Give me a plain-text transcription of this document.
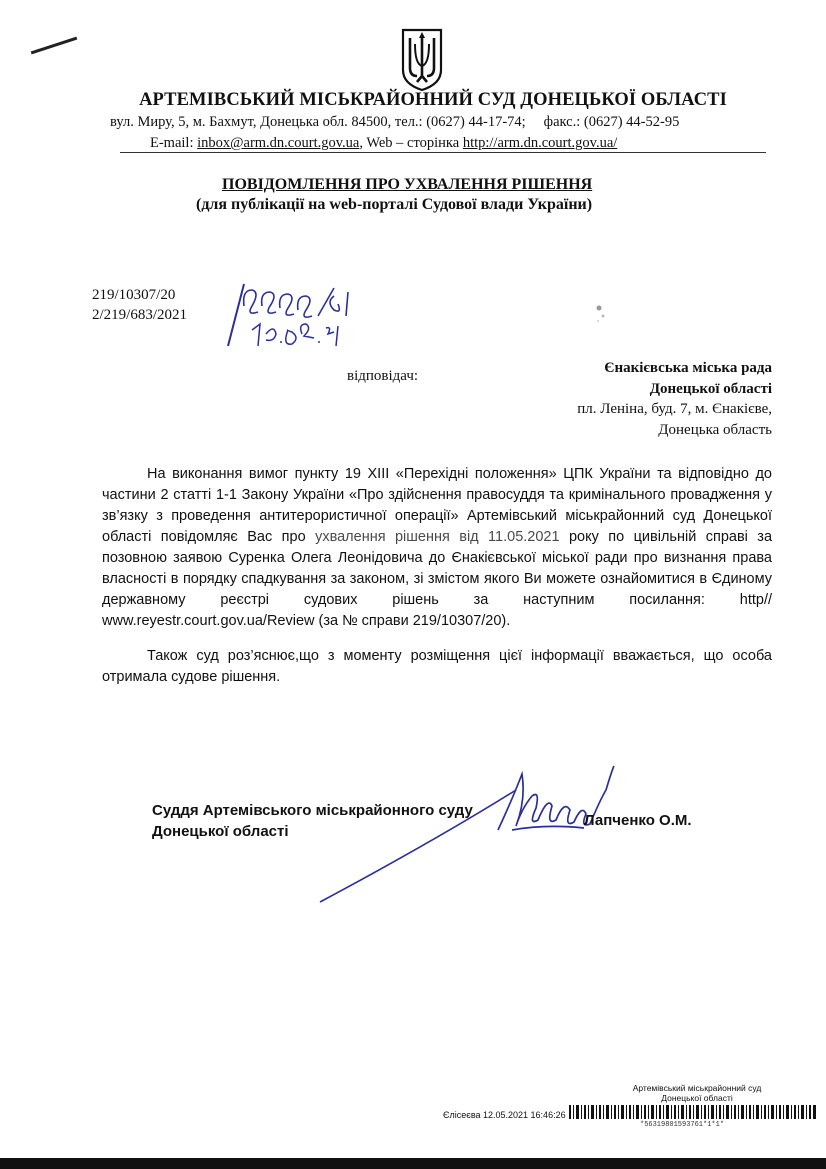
АРТЕМІВСЬКИЙ МІСЬКРАЙОННИЙ СУД ДОНЕЦЬКОЇ ОБЛАСТІ
вул. Миру, 5, м. Бахмут, Донецька обл. 84500, тел.: (0627) 44-17-74; факс.: (0627) 44-52-95
E-mail: inbox@arm.dn.court.gov.ua, Web – сторінка http://arm.dn.court.gov.ua/
ПОВІДОМЛЕННЯ ПРО УХВАЛЕННЯ РІШЕННЯ
(для публікації на web-порталі Судової влади України)
219/10307/20
2/219/683/2021
відповідач:	Єнакієвська міська рада
Донецької області
пл. Леніна, буд. 7, м. Єнакієве,
Донецька область

На виконання вимог пункту 19 ХІІІ «Перехідні положення» ЦПК України та відповідно до частини 2 статті 1-1 Закону України «Про здійснення правосуддя та кримінального провадження у зв’язку з проведення антитерористичної операції» Артемівський міськрайонний суд Донецької області повідомляє Вас про ухвалення рішення від 11.05.2021 року по цивільній справі за позовною заявою Суренка Олега Леонідовича до Єнакієвської міської ради про визнання права власності в порядку спадкування за законом, зі змістом якого Ви можете ознайомитися в Єдиному державному реєстрі судових рішень за наступним посилання: http// www.reyestr.court.gov.ua/Review (за № справи 219/10307/20).

Також суд роз’яснює,що з моменту розміщення цієї інформації вважається, що особа отримала судове рішення.

Суддя Артемівського міськрайонного суду
Донецької області
Лапченко О.М.
Артемівський міськрайонний суд
Донецької області
Єлісеєва 12.05.2021 16:46:26
*56319801593761*1*1*
